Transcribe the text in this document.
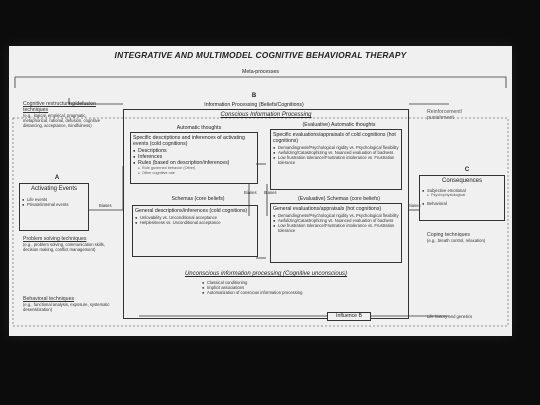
INTEGRATIVE AND MULTIMODEL COGNITIVE BEHAVIORAL THERAPY
Meta-processes
Cognitive restructuring/defusion techniques
(e.g., logical, empirical, pragmatic, metaphorical, rational, defusion, cognitive distancing, acceptance, mindfulness)
B
Information Processing (Beliefs/Cognitions)
Reinforcement/ punishment
Conscious Information Processing
Automatic thoughts
Specific descriptions and inferences of activating events (cold cognitions)
● Descriptions
● Inferences
● Rules (based on description/inferences)
● Rule governed behavior (Other)
● Other cognitive rule
(Evaluative) Automatic thoughts
Specific evaluations/appraisals of cold cognitions (hot cognitions)
● Demandingness/Psychological rigidity vs. Psychological flexibility
● Awfulizing/Catastrophizing vs. Nuanced evaluation of badness
● Low frustration tolerance/Frustration intolerance vs. Frustration tolerance
Biases	Biases
Schemas (core beliefs)
General descriptions/inferences (cold cognitions)
● Unlovability vs. Unconditional acceptance
● Helplessness vs. Unconditional acceptance
(Evaluative) Schemas (core beliefs)
General evaluations/appraisals (hot cognitions)
● Demandingness/Psychological rigidity vs. Psychological flexibility
● Awfulizing/Catastrophizing vs. Nuanced evaluation of badness
● Low frustration tolerance/Frustration intolerance vs. Frustration tolerance
Unconscious information processing (Cognitive unconscious)
● Classical conditioning
● Implicit associations
● Automatization of conscious information processing
A
Activating Events
● Life events
● Private/internal events	Biases	Biases
C
Consequences
● Subjective emotional
● Psychophysiological
● Behavioral
Problem solving techniques
(e.g., problem solving, communication skills, decision making, conflict management)
Coping techniques
(e.g., breath control, relaxation)
Behavioral techniques
(e.g., functional analysis, exposure, systematic desensitization)
Influence B	Life history and genetics
